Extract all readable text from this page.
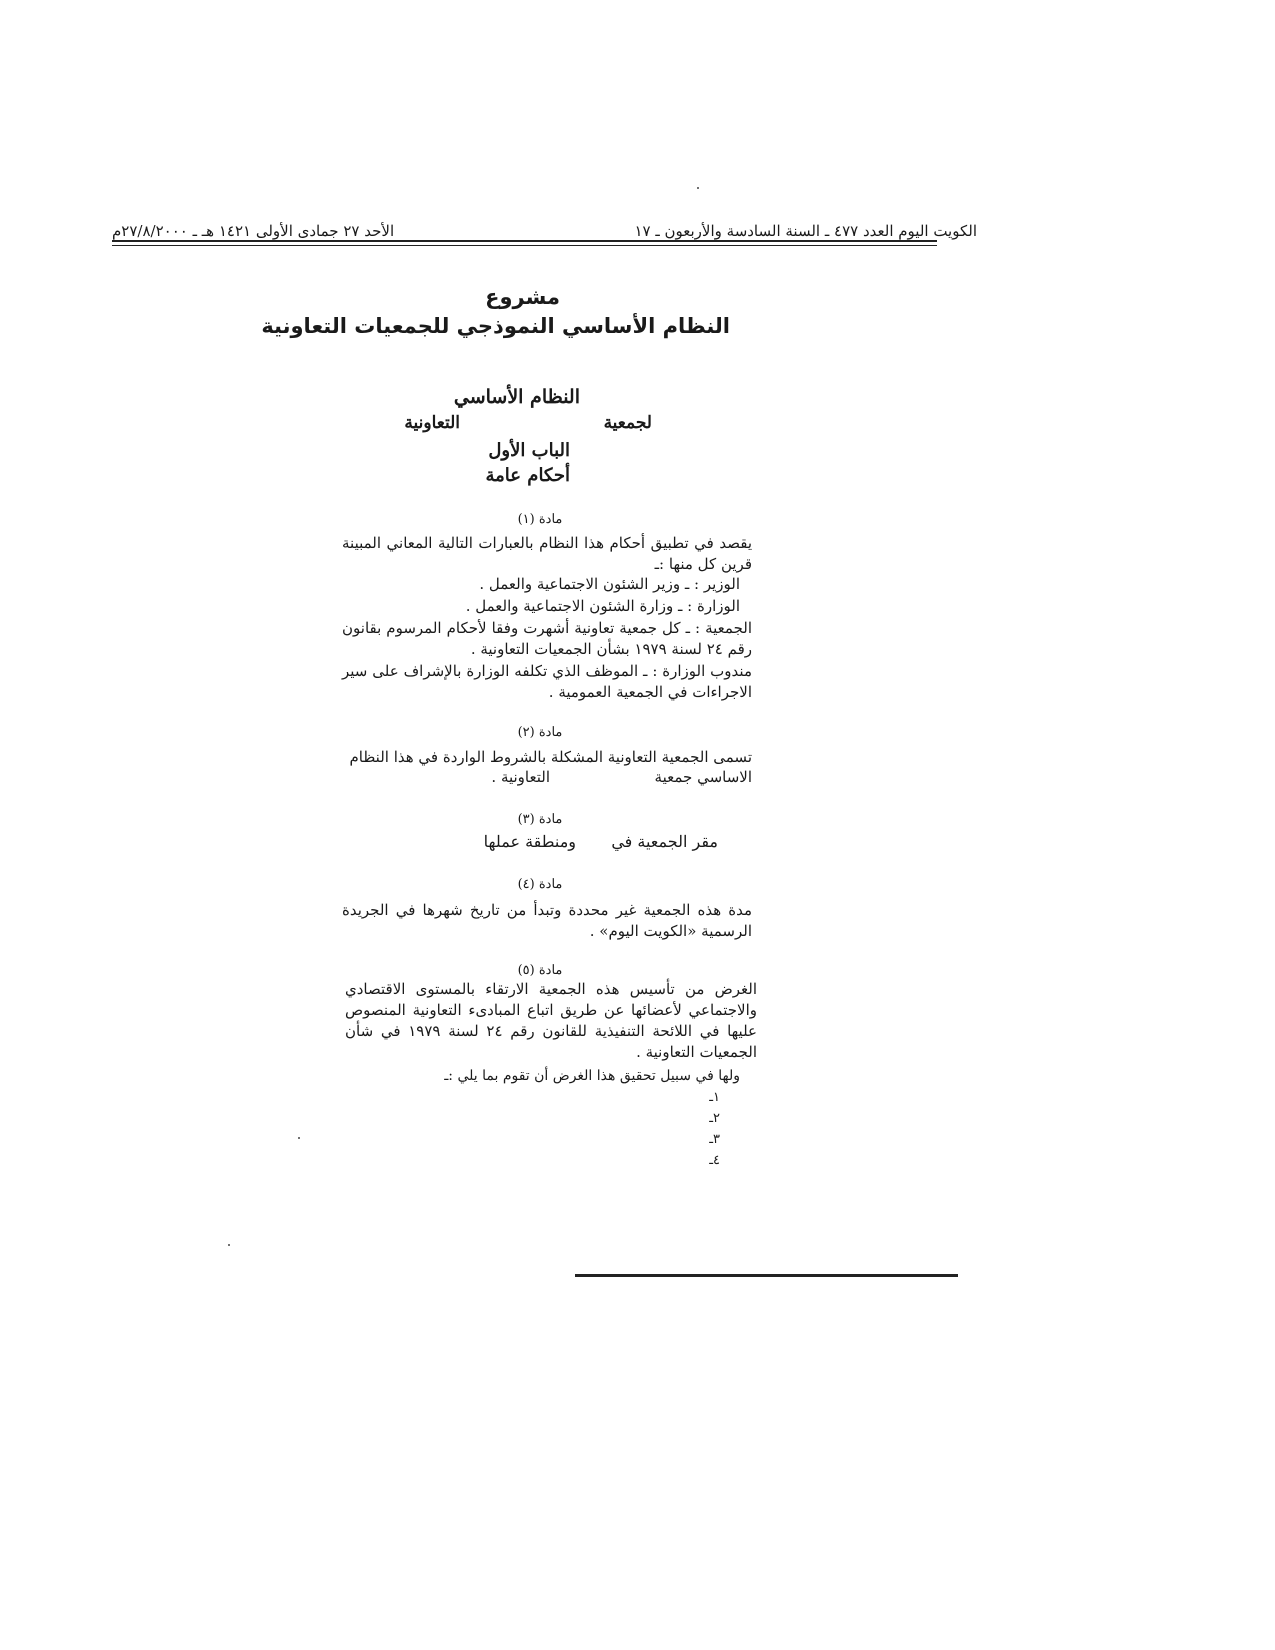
الكويت اليوم العدد ٤٧٧ ـ السنة السادسة والأربعون ـ ١٧
الأحد ٢٧ جمادى الأولى ١٤٢١ هـ ـ ٢٧/٨/٢٠٠٠م
مشروع
النظام الأساسي النموذجي للجمعيات التعاونية
النظام الأساسي
لجمعية
التعاونية
الباب الأول
أحكام عامة
مادة (١)
يقصد في تطبيق أحكام هذا النظام بالعبارات التالية المعاني المبينة قرين كل منها :ـ
الوزير : ـ وزير الشئون الاجتماعية والعمل .
الوزارة : ـ وزارة الشئون الاجتماعية والعمل .
الجمعية : ـ كل جمعية تعاونية أشهرت وفقا لأحكام المرسوم بقانون رقم ٢٤ لسنة ١٩٧٩ بشأن الجمعيات التعاونية .
مندوب الوزارة : ـ الموظف الذي تكلفه الوزارة بالإشراف على سير الاجراءات في الجمعية العمومية .
مادة (٢)
تسمى الجمعية التعاونية المشكلة بالشروط الواردة في هذا النظام
الاساسي جمعية
التعاونية .
مادة (٣)
مقر الجمعية في
ومنطقة عملها
مادة (٤)
مدة هذه الجمعية غير محددة وتبدأ من تاريخ شهرها في الجريدة الرسمية «الكويت اليوم» .
مادة (٥)
الغرض من تأسيس هذه الجمعية الارتقاء بالمستوى الاقتصادي والاجتماعي لأعضائها عن طريق اتباع المبادىء التعاونية المنصوص عليها في اللائحة التنفيذية للقانون رقم ٢٤ لسنة ١٩٧٩ في شأن الجمعيات التعاونية .
ولها في سبيل تحقيق هذا الغرض أن تقوم بما يلي :ـ
١ـ
٢ـ
٣ـ
٤ـ
